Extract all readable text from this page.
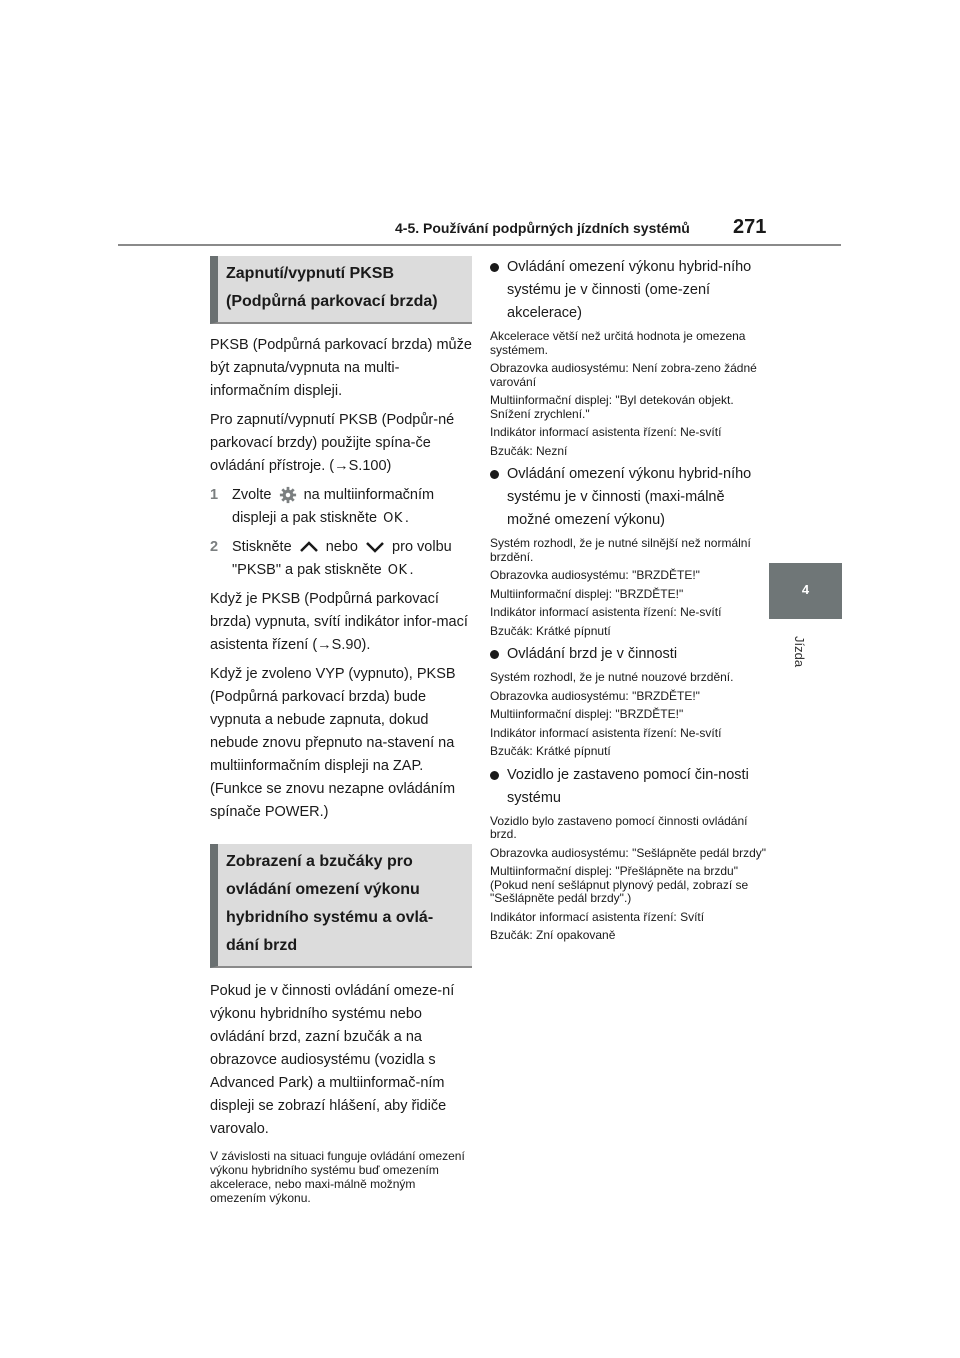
4-5. Používání podpůrných jízdních systémů 271
4
Jízda
Zapnutí/vypnutí PKSB (Podpůrná parkovací brzda)

PKSB (Podpůrná parkovací brzda) může být zapnuta/vypnuta na multi-informačním displeji.

Pro zapnutí/vypnutí PKSB (Podpůr-né parkovací brzdy) použijte spína-če ovládání přístroje. (→S.100)

1 Zvolte na multiinformačním displeji a pak stiskněte OK .
2 Stiskněte nebo pro volbu "PKSB" a pak stiskněte OK .

Když je PKSB (Podpůrná parkovací brzda) vypnuta, svítí indikátor infor-mací asistenta řízení (→S.90).

Když je zvoleno VYP (vypnuto), PKSB (Podpůrná parkovací brzda) bude vypnuta a nebude zapnuta, dokud nebude znovu přepnuto na-stavení na multiinformačním displeji na ZAP. (Funkce se znovu nezapne ovládáním spínače POWER.)

Zobrazení a bzučáky pro ovládání omezení výkonu hybridního systému a ovlá-dání brzd

Pokud je v činnosti ovládání omeze-ní výkonu hybridního systému nebo ovládání brzd, zazní bzučák a na obrazovce audiosystému (vozidla s Advanced Park) a multiinformač-ním displeji se zobrazí hlášení, aby řidiče varovalo.

V závislosti na situaci funguje ovládání omezení výkonu hybridního systému buď omezením akcelerace, nebo maxi-málně možným omezením výkonu.

Ovládání omezení výkonu hybrid-ního systému je v činnosti (ome-zení akcelerace)

Akcelerace větší než určitá hodnota je omezena systémem.

Obrazovka audiosystému: Není zobra-zeno žádné varování

Multiinformační displej: "Byl detekován objekt. Snížení zrychlení."

Indikátor informací asistenta řízení: Ne-svítí

Bzučák: Nezní

Ovládání omezení výkonu hybrid-ního systému je v činnosti (maxi-málně možné omezení výkonu)

Systém rozhodl, že je nutné silnější než normální brzdění.

Obrazovka audiosystému: "BRZDĚTE!"

Multiinformační displej: "BRZDĚTE!"

Indikátor informací asistenta řízení: Ne-svítí

Bzučák: Krátké pípnutí

Ovládání brzd je v činnosti

Systém rozhodl, že je nutné nouzové brzdění.

Obrazovka audiosystému: "BRZDĚTE!"

Multiinformační displej: "BRZDĚTE!"

Indikátor informací asistenta řízení: Ne-svítí

Bzučák: Krátké pípnutí

Vozidlo je zastaveno pomocí čin-nosti systému

Vozidlo bylo zastaveno pomocí činnosti ovládání brzd.

Obrazovka audiosystému: "Sešlápněte pedál brzdy"

Multiinformační displej: "Přešlápněte na brzdu" (Pokud není sešlápnut plynový pedál, zobrazí se "Sešlápněte pedál brzdy".)

Indikátor informací asistenta řízení: Svítí

Bzučák: Zní opakovaně
